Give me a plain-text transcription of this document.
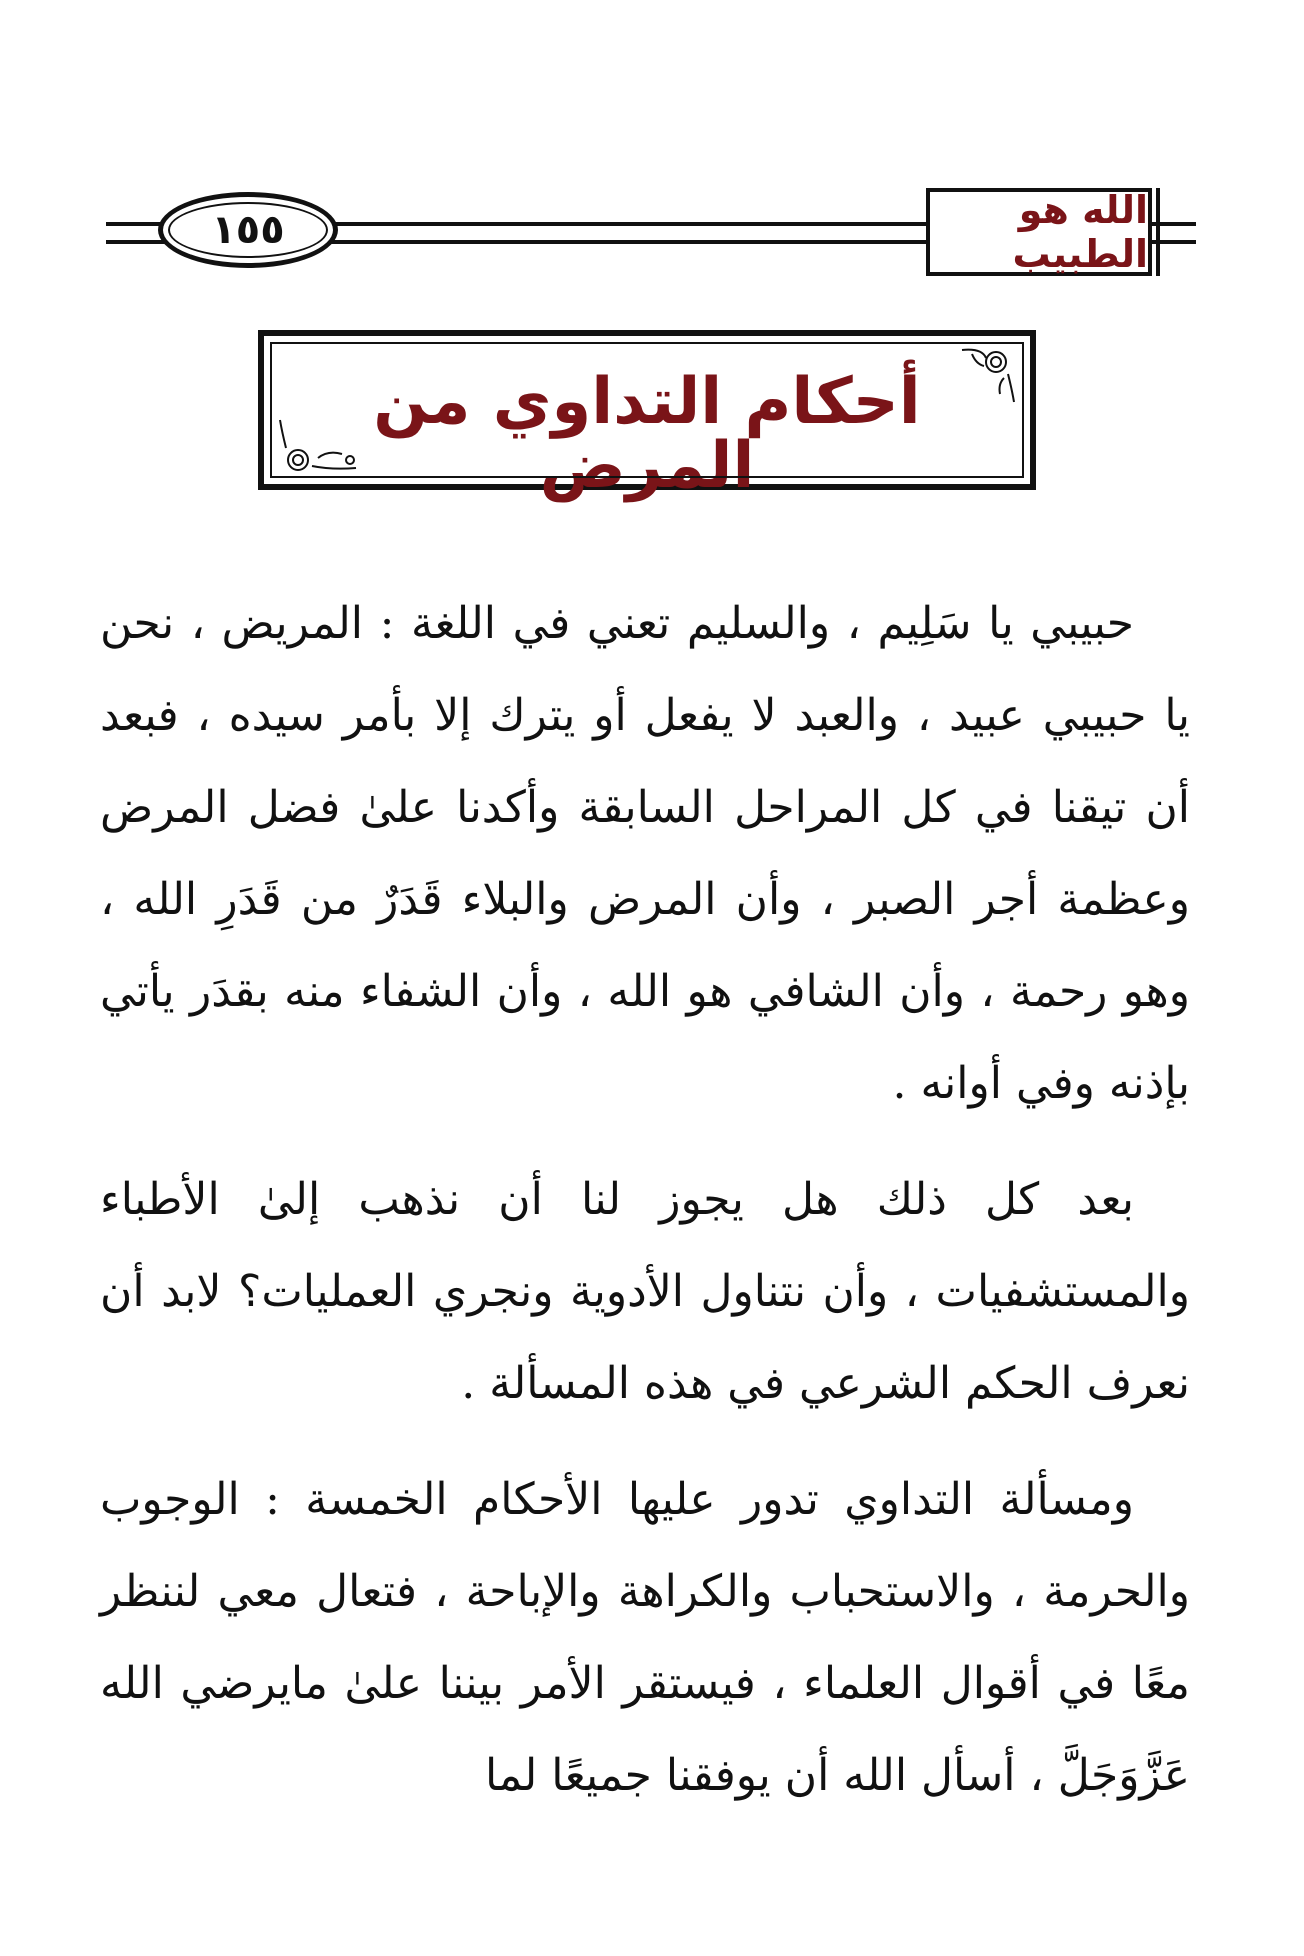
١٥٥	الله هو الطبيب
أحكام التداوي من المرض

حبيبي يا سَلِيم ، والسليم تعني في اللغة : المريض ، نحن يا حبيبي عبيد ، والعبد لا يفعل أو يترك إلا بأمر سيده ، فبعد أن تيقنا في كل المراحل السابقة وأكدنا علىٰ فضل المرض وعظمة أجر الصبر ، وأن المرض والبلاء قَدَرٌ من قَدَرِ الله ، وهو رحمة ، وأن الشافي هو الله ، وأن الشفاء منه بقدَر يأتي بإذنه وفي أوانه .

بعد كل ذلك هل يجوز لنا أن نذهب إلىٰ الأطباء والمستشفيات ، وأن نتناول الأدوية ونجري العمليات؟ لابد أن نعرف الحكم الشرعي في هذه المسألة .

ومسألة التداوي تدور عليها الأحكام الخمسة : الوجوب والحرمة ، والاستحباب والكراهة والإباحة ، فتعال معي لننظر معًا في أقوال العلماء ، فيستقر الأمر بيننا علىٰ مايرضي الله عَزَّوَجَلَّ ، أسأل الله أن يوفقنا جميعًا لما
